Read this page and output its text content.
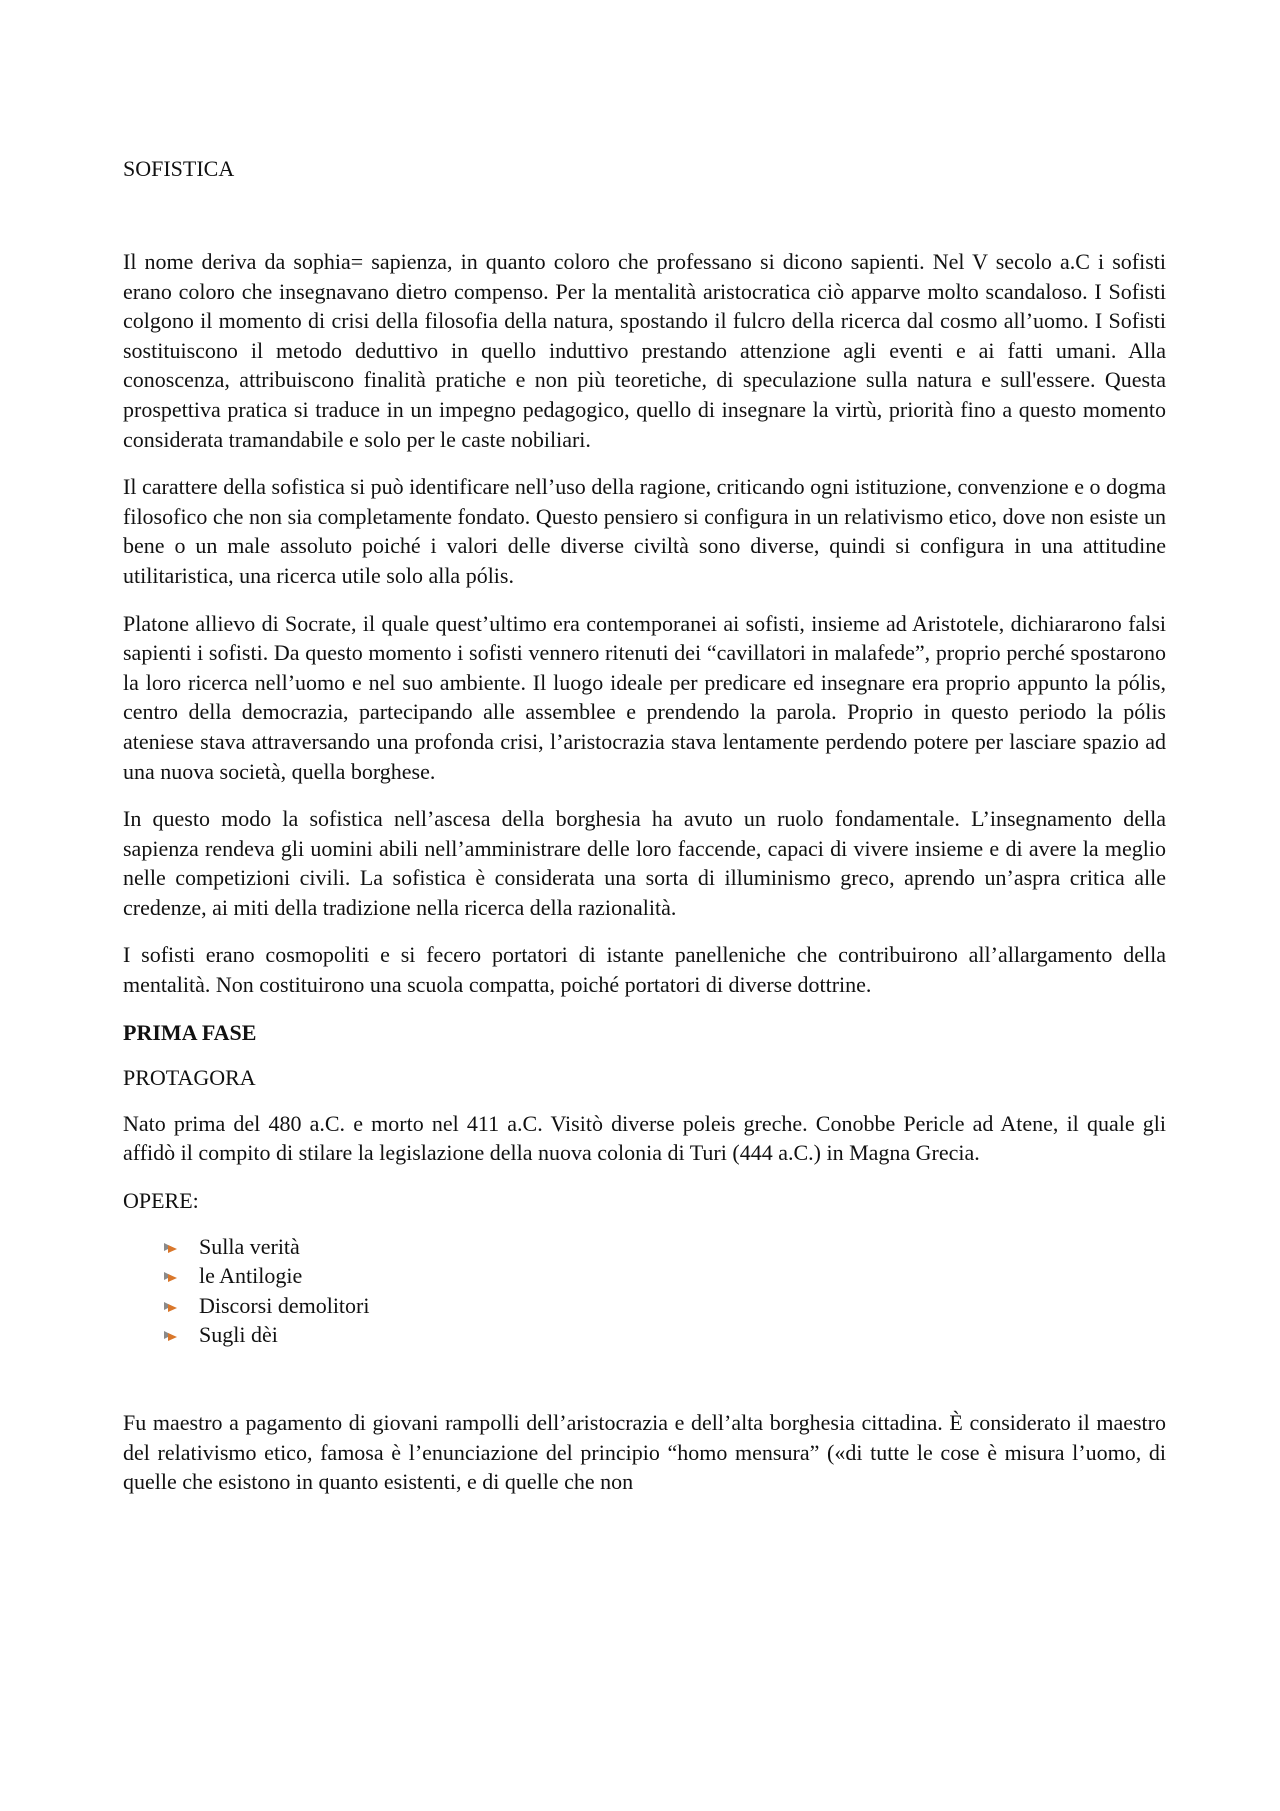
SOFISTICA

Il nome deriva da sophia= sapienza, in quanto coloro che professano si dicono sapienti. Nel V secolo a.C i sofisti erano coloro che insegnavano dietro compenso. Per la mentalità aristocratica ciò apparve molto scandaloso. I Sofisti colgono il momento di crisi della filosofia della natura, spostando il fulcro della ricerca dal cosmo all’uomo. I Sofisti sostituiscono il metodo deduttivo in quello induttivo prestando attenzione agli eventi e ai fatti umani. Alla conoscenza, attribuiscono finalità pratiche e non più teoretiche, di speculazione sulla natura e sull'essere. Questa prospettiva pratica si traduce in un impegno pedagogico, quello di insegnare la virtù, priorità fino a questo momento considerata tramandabile e solo per le caste nobiliari.

Il carattere della sofistica si può identificare nell’uso della ragione, criticando ogni istituzione, convenzione e o dogma filosofico che non sia completamente fondato. Questo pensiero si configura in un relativismo etico, dove non esiste un bene o un male assoluto poiché i valori delle diverse civiltà sono diverse, quindi si configura in una attitudine utilitaristica, una ricerca utile solo alla pólis.

Platone allievo di Socrate, il quale quest’ultimo era contemporanei ai sofisti, insieme ad Aristotele, dichiararono falsi sapienti i sofisti. Da questo momento i sofisti vennero ritenuti dei “cavillatori in malafede”, proprio perché spostarono la loro ricerca nell’uomo e nel suo ambiente. Il luogo ideale per predicare ed insegnare era proprio appunto la pólis, centro della democrazia, partecipando alle assemblee e prendendo la parola. Proprio in questo periodo la pólis ateniese stava attraversando una profonda crisi, l’aristocrazia stava lentamente perdendo potere per lasciare spazio ad una nuova società, quella borghese.

In questo modo la sofistica nell’ascesa della borghesia ha avuto un ruolo fondamentale. L’insegnamento della sapienza rendeva gli uomini abili nell’amministrare delle loro faccende, capaci di vivere insieme e di avere la meglio nelle competizioni civili. La sofistica è considerata una sorta di illuminismo greco, aprendo un’aspra critica alle credenze, ai miti della tradizione nella ricerca della razionalità.

I sofisti erano cosmopoliti e si fecero portatori di istante panelleniche che contribuirono all’allargamento della mentalità. Non costituirono una scuola compatta, poiché portatori di diverse dottrine.

PRIMA FASE
PROTAGORA

Nato prima del 480 a.C. e morto nel 411 a.C. Visitò diverse poleis greche. Conobbe Pericle ad Atene, il quale gli affidò il compito di stilare la legislazione della nuova colonia di Turi (444 a.C.) in Magna Grecia.

OPERE:
Sulla verità
le Antilogie
Discorsi demolitori
Sugli dèi

Fu maestro a pagamento di giovani rampolli dell’aristocrazia e dell’alta borghesia cittadina. È considerato il maestro del relativismo etico, famosa è l’enunciazione del principio “homo mensura” («di tutte le cose è misura l’uomo, di quelle che esistono in quanto esistenti, e di quelle che non
